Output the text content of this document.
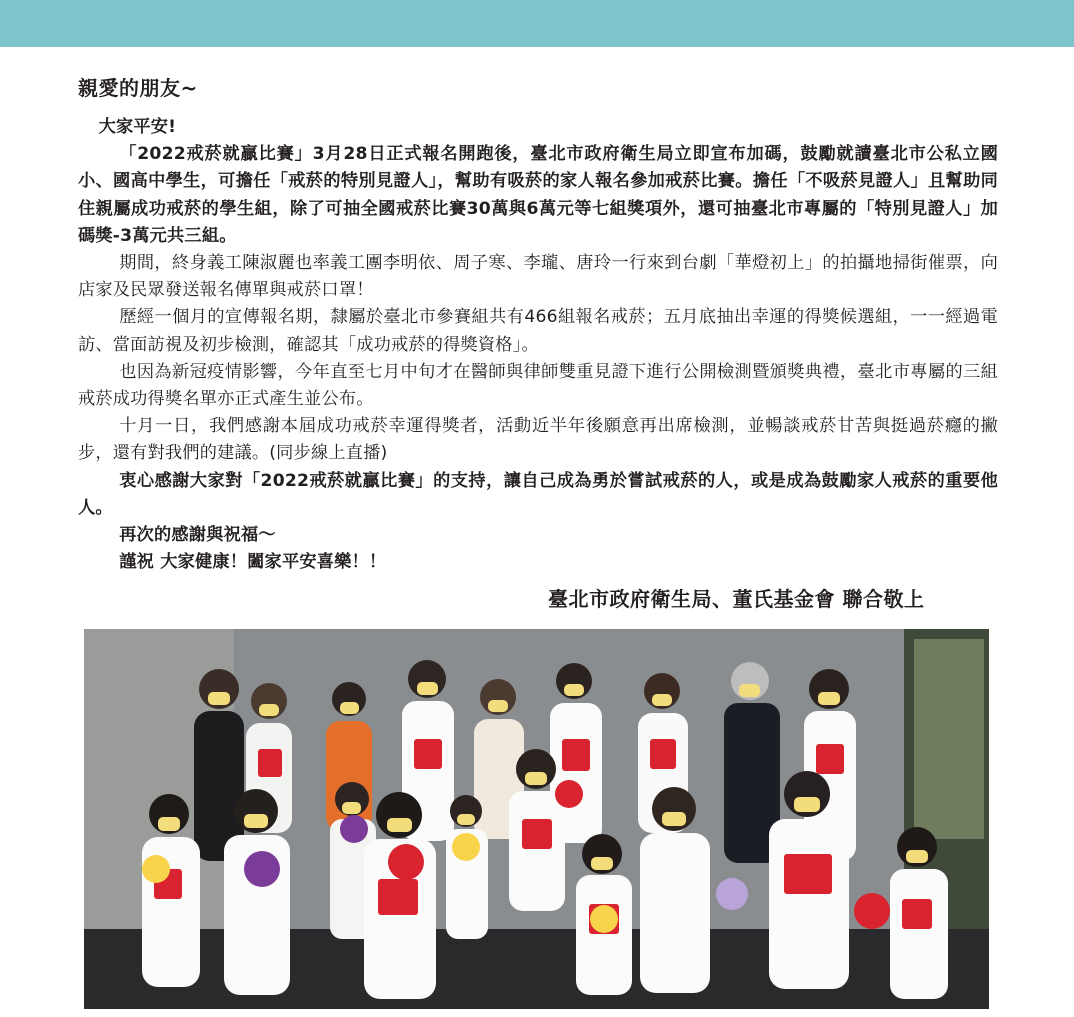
親愛的朋友~

大家平安!

「2022戒菸就贏比賽」3月28日正式報名開跑後，臺北市政府衛生局立即宣布加碼，鼓勵就讀臺北市公私立國小、國高中學生，可擔任「戒菸的特別見證人」，幫助有吸菸的家人報名參加戒菸比賽。擔任「不吸菸見證人」且幫助同住親屬成功戒菸的學生組，除了可抽全國戒菸比賽30萬與6萬元等七組獎項外，還可抽臺北市專屬的「特別見證人」加碼獎-3萬元共三組。

期間，終身義工陳淑麗也率義工團李明依、周子寒、李瓏、唐玲一行來到台劇「華燈初上」的拍攝地掃街催票，向店家及民眾發送報名傳單與戒菸口罩！

歷經一個月的宣傳報名期，隸屬於臺北市參賽組共有466組報名戒菸；五月底抽出幸運的得獎候選組，一一經過電訪、當面訪視及初步檢測，確認其「成功戒菸的得獎資格」。

也因為新冠疫情影響，今年直至七月中旬才在醫師與律師雙重見證下進行公開檢測暨頒獎典禮，臺北市專屬的三組戒菸成功得獎名單亦正式產生並公布。

十月一日，我們感謝本屆成功戒菸幸運得獎者，活動近半年後願意再出席檢測，並暢談戒菸甘苦與挺過菸癮的撇步，還有對我們的建議。(同步線上直播)

衷心感謝大家對「2022戒菸就贏比賽」的支持，讓自己成為勇於嘗試戒菸的人，或是成為鼓勵家人戒菸的重要他人。

再次的感謝與祝福～

謹祝 大家健康！闔家平安喜樂！！

臺北市政府衛生局、董氏基金會 聯合敬上
